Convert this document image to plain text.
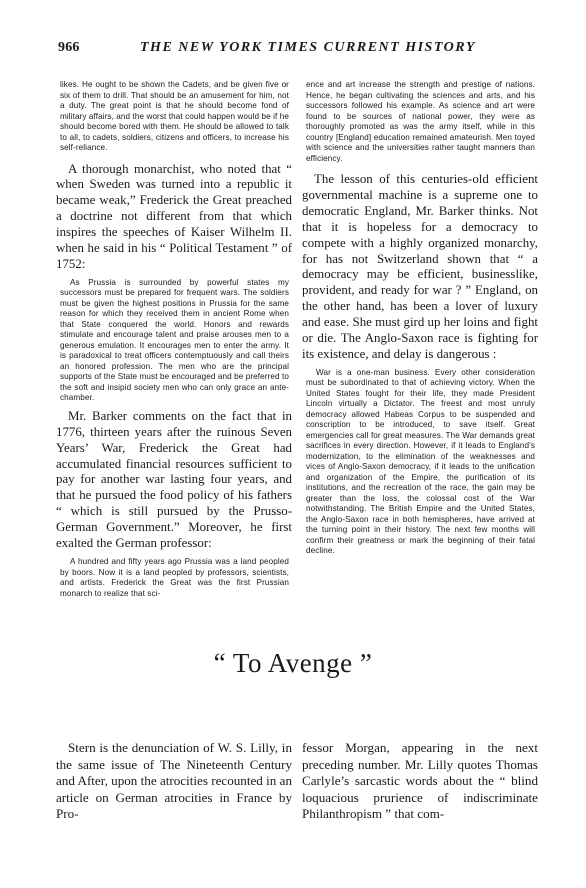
966	THE NEW YORK TIMES CURRENT HISTORY

likes. He ought to be shown the Cadets, and be given five or six of them to drill. That should be an amusement for him, not a duty. The great point is that he should become fond of military affairs, and the worst that could happen would be if he should become bored with them. He should be allowed to talk to all, to cadets, soldiers, citizens and officers, to increase his self-reliance.

A thorough monarchist, who noted that “ when Sweden was turned into a republic it became weak,” Frederick the Great preached a doctrine not different from that which inspires the speeches of Kaiser Wilhelm II. when he said in his “ Political Testament ” of 1752:

As Prussia is surrounded by powerful states my successors must be prepared for frequent wars. The soldiers must be given the highest positions in Prussia for the same reason for which they received them in ancient Rome when that State conquered the world. Honors and rewards stimulate and encourage talent and praise arouses men to a generous emulation. It encourages men to enter the army. It is paradoxical to treat officers contemptuously and call theirs an honored profession. The men who are the principal supports of the State must be encouraged and be preferred to the soft and insipid society men who can only grace an ante-chamber.

Mr. Barker comments on the fact that in 1776, thirteen years after the ruinous Seven Years’ War, Frederick the Great had accumulated financial resources sufficient to pay for another war lasting four years, and that he pursued the food policy of his fathers “ which is still pursued by the Prusso-German Government.” Moreover, he first exalted the German professor:

A hundred and fifty years ago Prussia was a land peopled by boors. Now it is a land peopled by professors, scientists, and artists. Frederick the Great was the first Prussian monarch to realize that sci-

ence and art increase the strength and prestige of nations. Hence, he began cultivating the sciences and arts, and his successors followed his example. As science and art were found to be sources of national power, they were as thoroughly promoted as was the army itself, while in this country [England] education remained amateurish. Men toyed with science and the universities rather taught manners than efficiency.

The lesson of this centuries-old efficient governmental machine is a supreme one to democratic England, Mr. Barker thinks. Not that it is hopeless for a democracy to compete with a highly organized monarchy, for has not Switzerland shown that “ a democracy may be efficient, businesslike, provident, and ready for war ? ” England, on the other hand, has been a lover of luxury and ease. She must gird up her loins and fight or die. The Anglo-Saxon race is fighting for its existence, and delay is dangerous :

War is a one-man business. Every other consideration must be subordinated to that of achieving victory. When the United States fought for their life, they made President Lincoln virtually a Dictator. The freest and most unruly democracy allowed Habeas Corpus to be suspended and conscription to be introduced, to save itself. Great emergencies call for great measures. The War demands great sacrifices in every direction. However, if it leads to England’s modernization, to the elimination of the weaknesses and vices of Anglo-Saxon democracy, if it leads to the unification and organization of the Empire, the purification of its institutions, and the recreation of the race, the gain may be greater than the loss, the colossal cost of the War notwithstanding. The British Empire and the United States, the Anglo-Saxon race in both hemispheres, have arrived at the turning point in their history. The next few months will confirm their greatness or mark the beginning of their fatal decline.

“ To Avenge ”

Stern is the denunciation of W. S. Lilly, in the same issue of The Nineteenth Century and After, upon the atrocities recounted in an article on German atrocities in France by Pro-

fessor Morgan, appearing in the next preceding number. Mr. Lilly quotes Thomas Carlyle’s sarcastic words about the “ blind loquacious prurience of indiscriminate Philanthropism ” that com-
